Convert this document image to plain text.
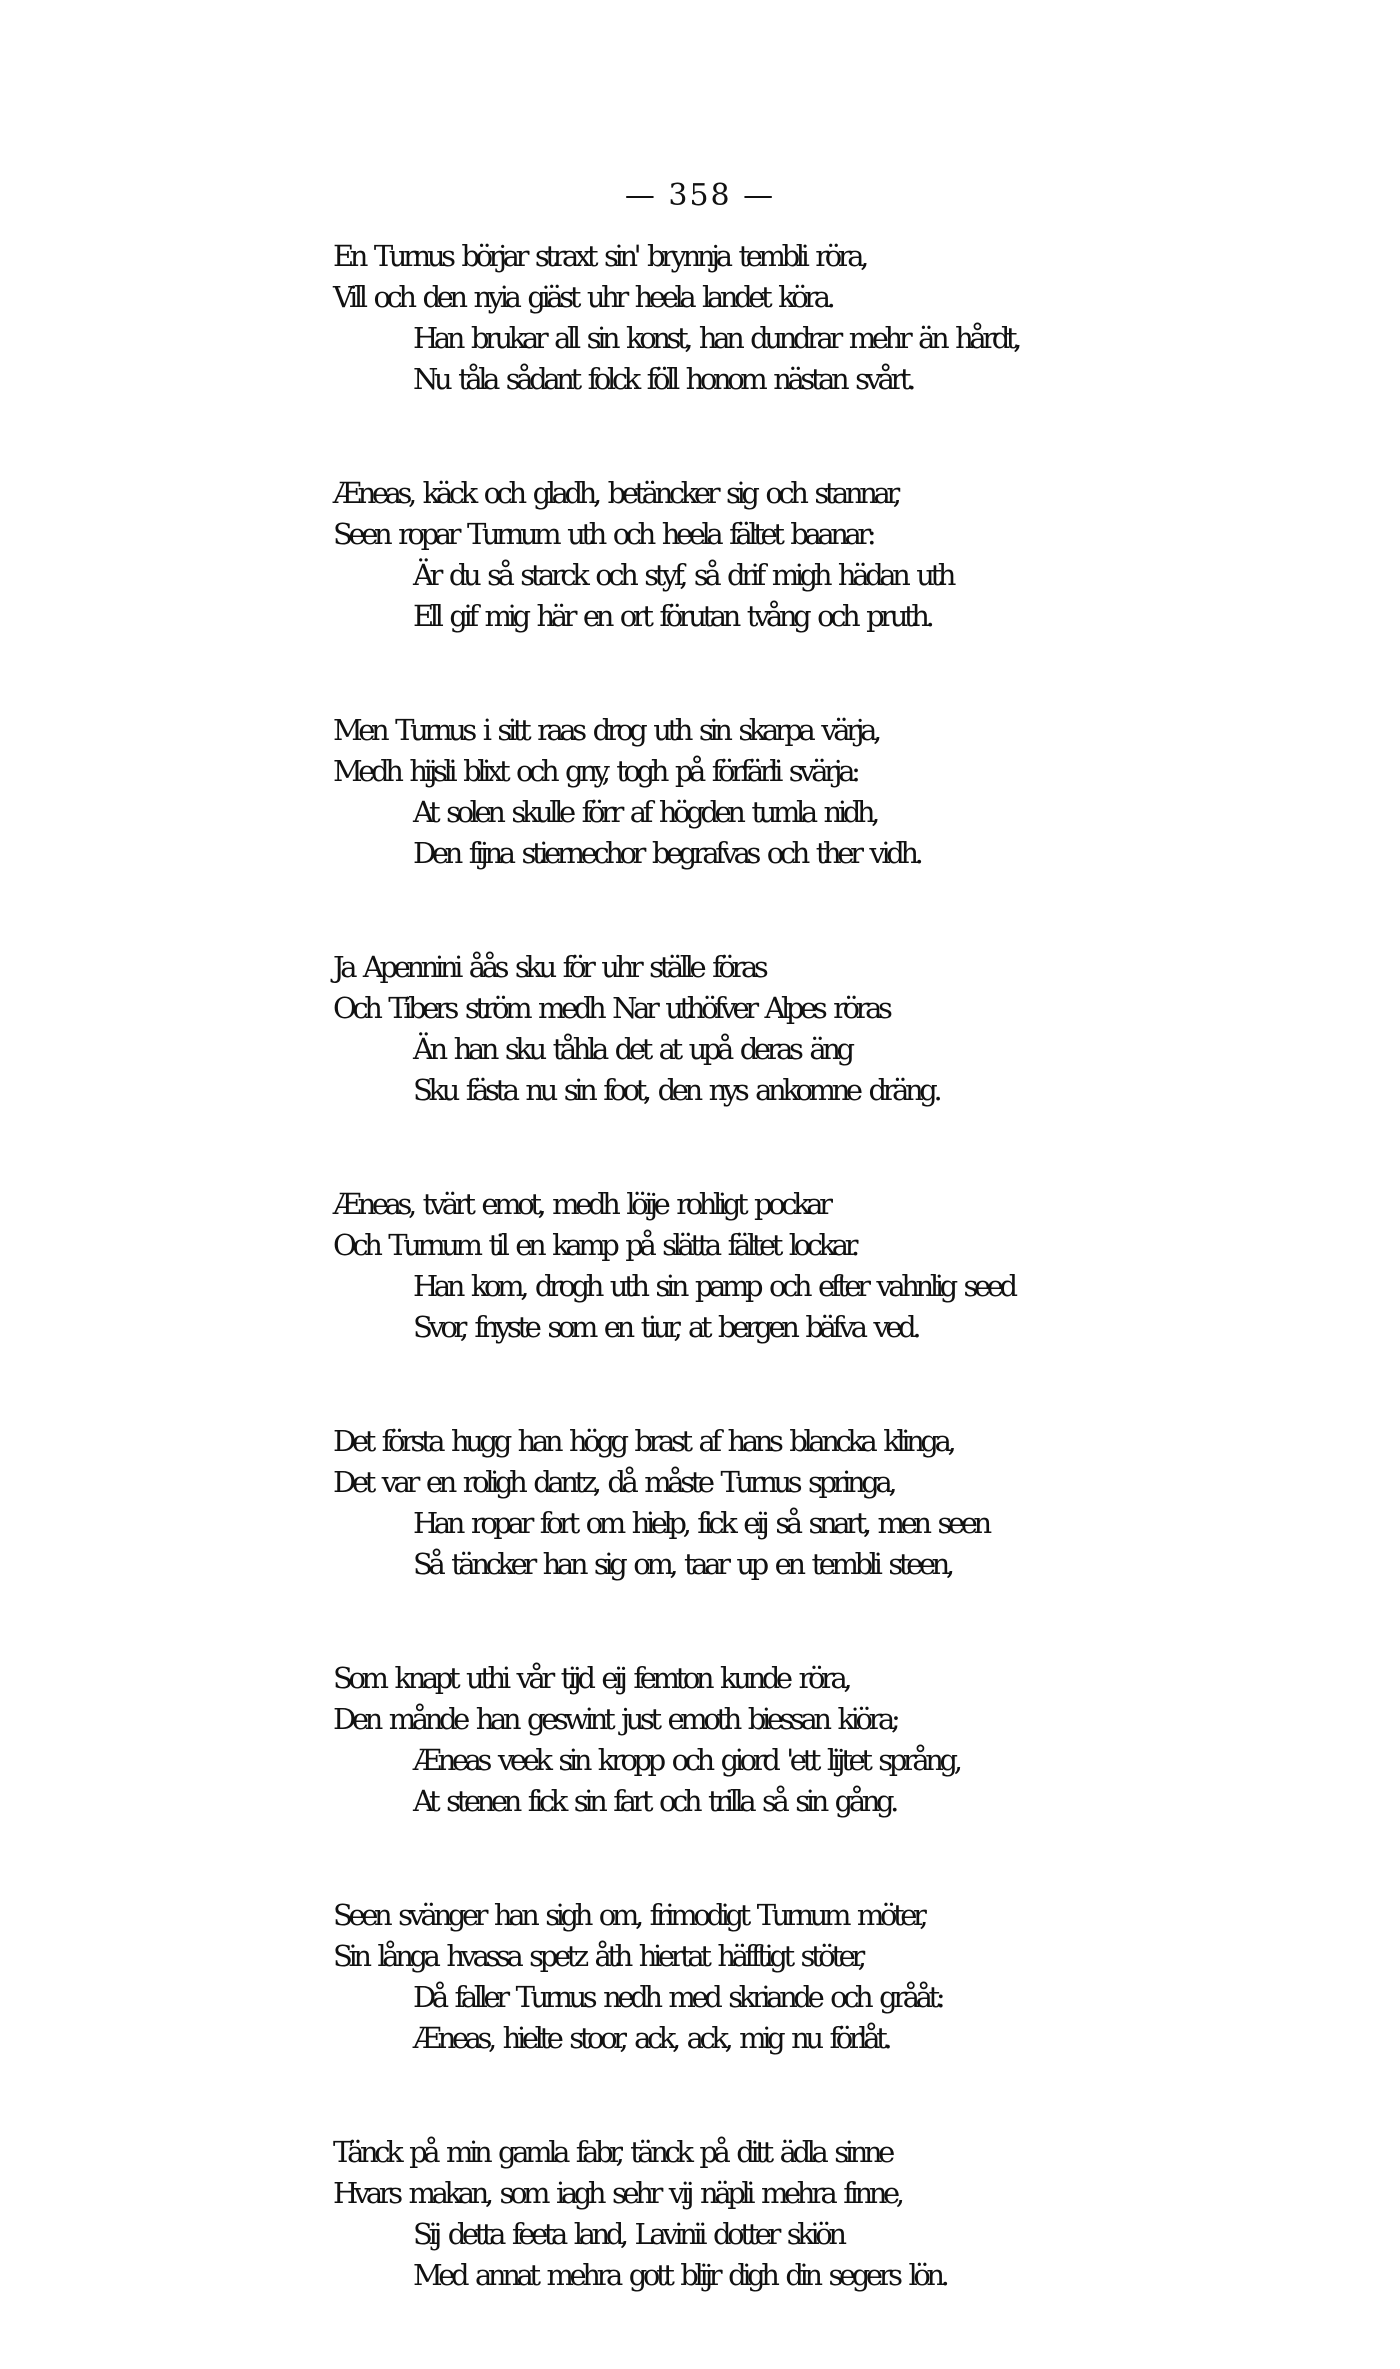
— 358 —
En Turnus börjar straxt sin' brynnja tembli röra,
Vill och den nyia giäst uhr heela landet köra.
Han brukar all sin konst, han dundrar mehr än hårdt,
Nu tåla sådant folck föll honom nästan svårt.
Æneas, käck och gladh, betäncker sig och stannar,
Seen ropar Turnum uth och heela fältet baanar:
Är du så starck och styf, så drif migh hädan uth
Ell gif mig här en ort förutan tvång och pruth.
Men Turnus i sitt raas drog uth sin skarpa värja,
Medh hijsli blixt och gny, togh på förfärli svärja:
At solen skulle förr af högden tumla nidh,
Den fijna stiernechor begrafvas och ther vidh.
Ja Apennini åås sku för uhr ställe föras
Och Tibers ström medh Nar uthöfver Alpes röras
Än han sku tåhla det at upå deras äng
Sku fästa nu sin foot, den nys ankomne dräng.
Æneas, tvärt emot, medh löije rohligt pockar
Och Turnum til en kamp på slätta fältet lockar.
Han kom, drogh uth sin pamp och efter vahnlig seed
Svor, fnyste som en tiur, at bergen bäfva ved.
Det första hugg han högg brast af hans blancka klinga,
Det var en roligh dantz, då måste Turnus springa,
Han ropar fort om hielp, fick eij så snart, men seen
Så täncker han sig om, taar up en tembli steen,
Som knapt uthi vår tijd eij femton kunde röra,
Den månde han geswint just emoth biessan kiöra;
Æneas veek sin kropp och giord 'ett lijtet språng,
At stenen fick sin fart och trilla så sin gång.
Seen svänger han sigh om, frimodigt Turnum möter,
Sin långa hvassa spetz åth hiertat häfftigt stöter,
Då faller Turnus nedh med skriande och grååt:
Æneas, hielte stoor, ack, ack, mig nu förlåt.
Tänck på min gamla fabr, tänck på ditt ädla sinne
Hvars makan, som iagh sehr vij näpli mehra finne,
Sij detta feeta land, Lavinii dotter skiön
Med annat mehra gott blijr digh din segers lön.
